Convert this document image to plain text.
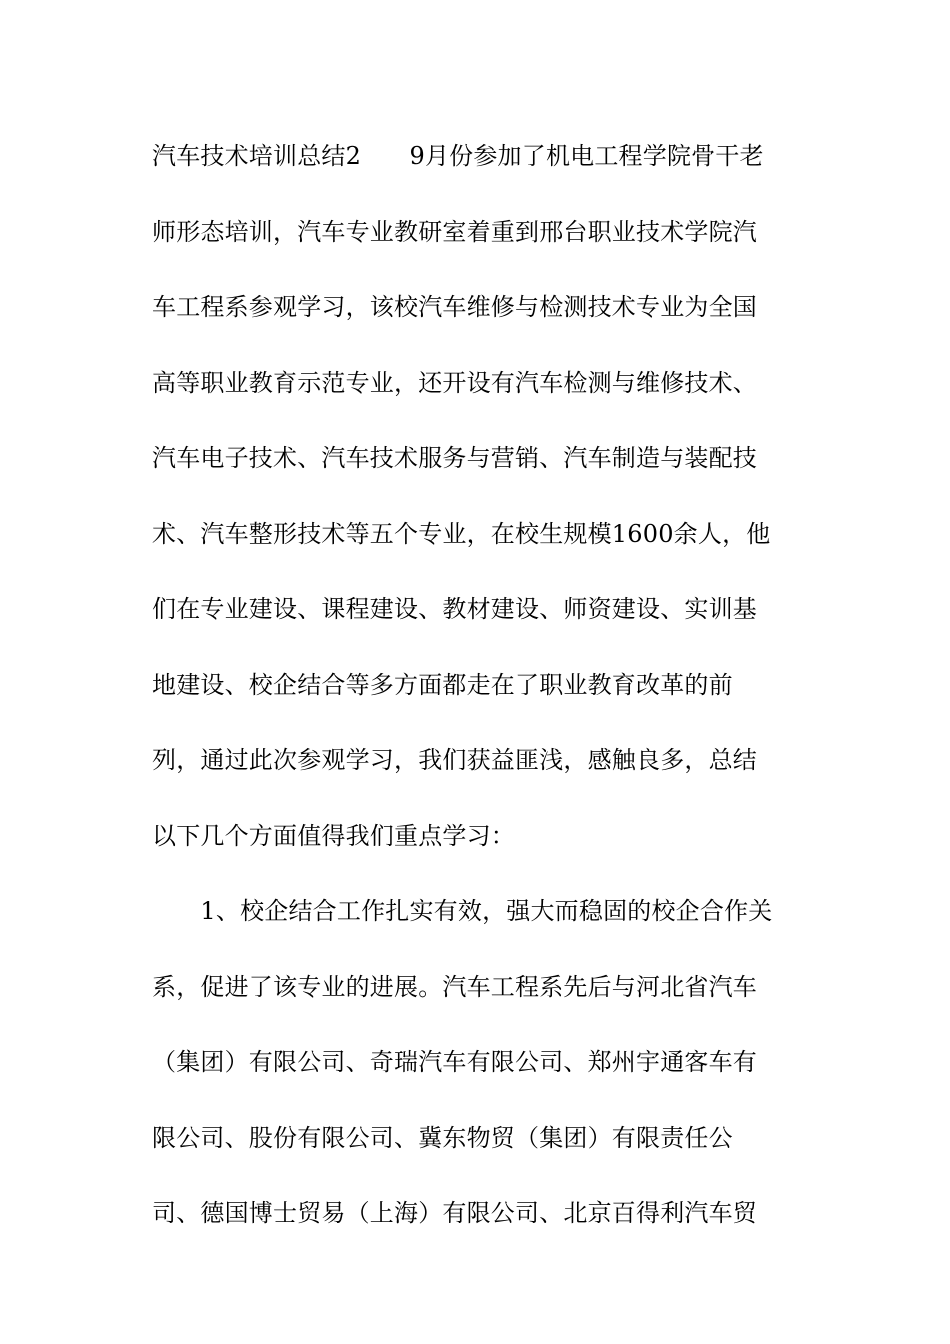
汽车技术培训总结2　　9月份参加了机电工程学院骨干老
师形态培训，汽车专业教研室着重到邢台职业技术学院汽
车工程系参观学习，该校汽车维修与检测技术专业为全国
高等职业教育示范专业，还开设有汽车检测与维修技术、
汽车电子技术、汽车技术服务与营销、汽车制造与装配技
术、汽车整形技术等五个专业，在校生规模1600余人，他
们在专业建设、课程建设、教材建设、师资建设、实训基
地建设、校企结合等多方面都走在了职业教育改革的前
列，通过此次参观学习，我们获益匪浅，感触良多，总结
以下几个方面值得我们重点学习：
　　1、校企结合工作扎实有效，强大而稳固的校企合作关
系，促进了该专业的进展。汽车工程系先后与河北省汽车
（集团）有限公司、奇瑞汽车有限公司、郑州宇通客车有
限公司、股份有限公司、冀东物贸（集团）有限责任公
司、德国博士贸易（上海）有限公司、北京百得利汽车贸
